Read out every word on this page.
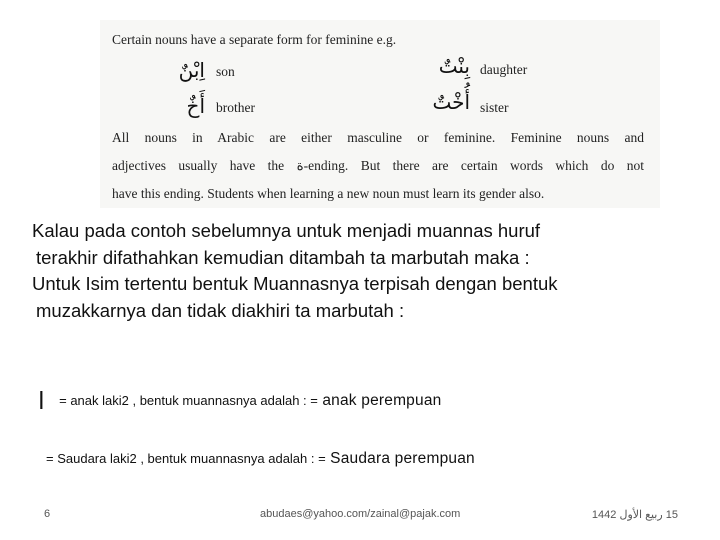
Certain nouns have a separate form for feminine e.g.
اِبْنٌ son	بِنْتٌ daughter
أَخٌ brother	أُخْتٌ sister
All nouns in Arabic are either masculine or feminine. Feminine nouns and
adjectives usually have the ة-ending. But there are certain words which do not
have this ending. Students when learning a new noun must learn its gender also.
Kalau pada contoh sebelumnya untuk menjadi muannas huruf
terakhir difathahkan kemudian ditambah ta marbutah maka :
Untuk Isim tertentu bentuk Muannasnya terpisah dengan bentuk
muzakkarnya dan tidak diakhiri ta marbutah :
ا = anak laki2 , bentuk muannasnya adalah : = anak perempuan
= Saudara laki2 , bentuk muannasnya adalah : = Saudara perempuan
6	abudaes@yahoo.com/zainal@pajak.com	15 ربيع الأول 1442
